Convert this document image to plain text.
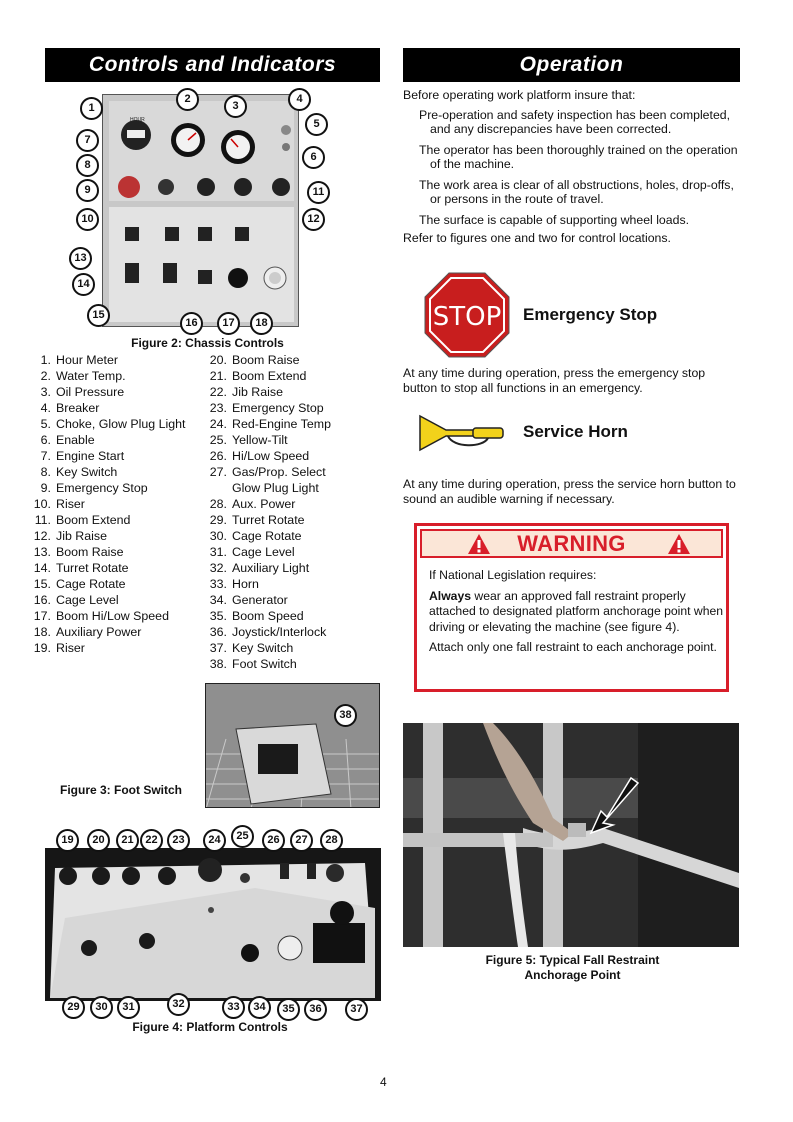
Controls and Indicators	Operation
HOUR
1
2
3
4
5
6
7
8
9
10
11
12
13
14
15
16	17	18
Figure 2: Chassis Controls
1. Hour Meter
2. Water Temp.
3. Oil Pressure
4. Breaker
5. Choke, Glow Plug Light
6. Enable
7. Engine Start
8. Key Switch
9. Emergency Stop
10. Riser
11. Boom Extend
12. Jib Raise
13. Boom Raise
14. Turret Rotate
15. Cage Rotate
16. Cage Level
17. Boom Hi/Low Speed
18. Auxiliary Power
19. Riser
20. Boom Raise
21. Boom Extend
22. Jib Raise
23. Emergency Stop
24. Red-Engine Temp
25. Yellow-Tilt
26. Hi/Low Speed
27. Gas/Prop. Select
Glow Plug Light
28. Aux. Power
29. Turret Rotate
30. Cage Rotate
31. Cage Level
32. Auxiliary Light
33. Horn
34. Generator
35. Boom Speed
36. Joystick/Interlock
37. Key Switch
38. Foot Switch
38
Figure 3: Foot Switch
19	20	21	22	23	24	25	26	27	28
29	30	31	32	33	34	35	36	37
Figure 4: Platform Controls
Before operating work platform insure that:
Pre-operation and safety inspection has been completed, and any discrepancies have been corrected.
The operator has been thoroughly trained on the operation of the machine.
The work area is clear of all obstructions, holes, drop-offs, or persons in the route of travel.
The surface is capable of supporting wheel loads.
Refer to figures one and two for control locations.
STOP Emergency Stop
At any time during operation, press the emergency stop button to stop all functions in an emergency.
Service Horn
At any time during operation, press the service horn button to sound an audible warning if necessary.
WARNING
If National Legislation requires:
Always wear an approved fall restraint properly attached to designated platform anchorage point when driving or elevating the machine (see figure 4).
Attach only one fall restraint to each anchorage point.
Figure 5: Typical Fall Restraint
Anchorage Point
4
